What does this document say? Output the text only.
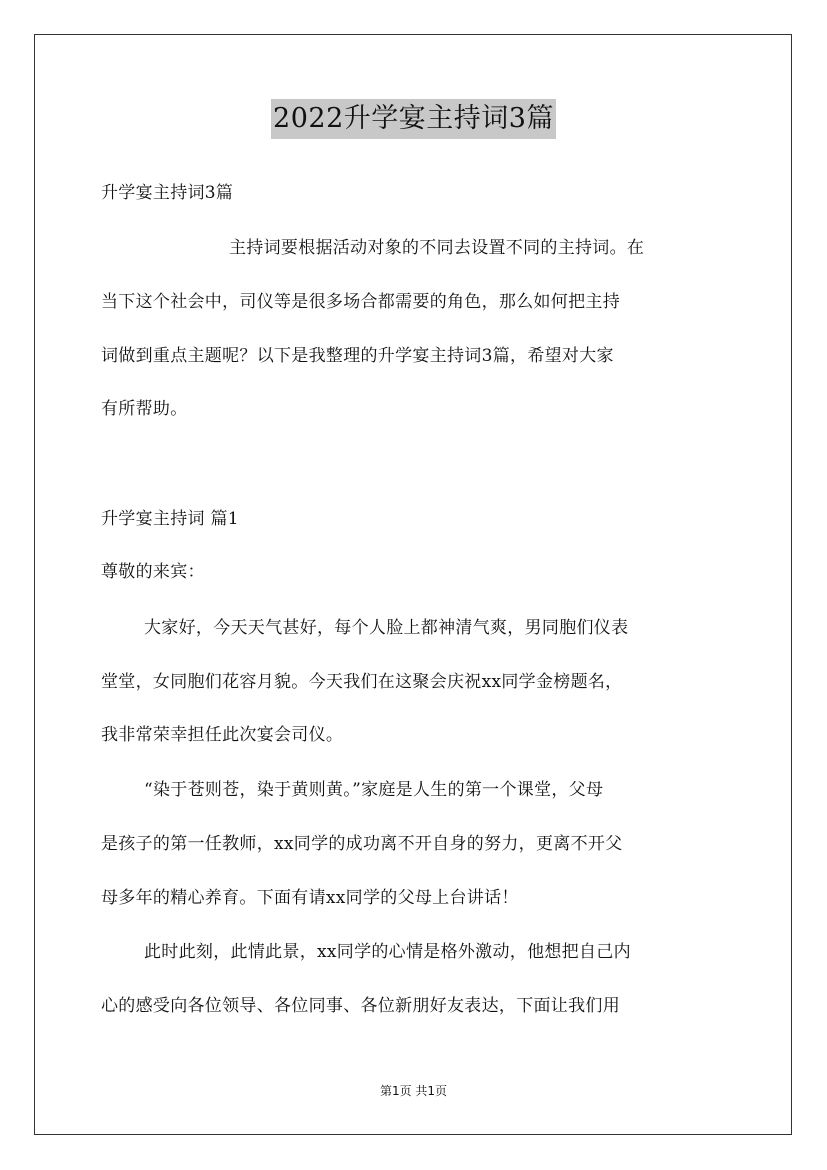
2022升学宴主持词3篇
升学宴主持词3篇
主持词要根据活动对象的不同去设置不同的主持词。在
当下这个社会中，司仪等是很多场合都需要的角色，那么如何把主持
词做到重点主题呢？以下是我整理的升学宴主持词3篇，希望对大家
有所帮助。
升学宴主持词 篇1
尊敬的来宾：
大家好，今天天气甚好，每个人脸上都神清气爽，男同胞们仪表
堂堂，女同胞们花容月貌。今天我们在这聚会庆祝xx同学金榜题名，
我非常荣幸担任此次宴会司仪。
“染于苍则苍，染于黄则黄。”家庭是人生的第一个课堂，父母
是孩子的第一任教师，xx同学的成功离不开自身的努力，更离不开父
母多年的精心养育。下面有请xx同学的父母上台讲话！
此时此刻，此情此景，xx同学的心情是格外激动，他想把自己内
心的感受向各位领导、各位同事、各位新朋好友表达，下面让我们用
第1页 共1页
